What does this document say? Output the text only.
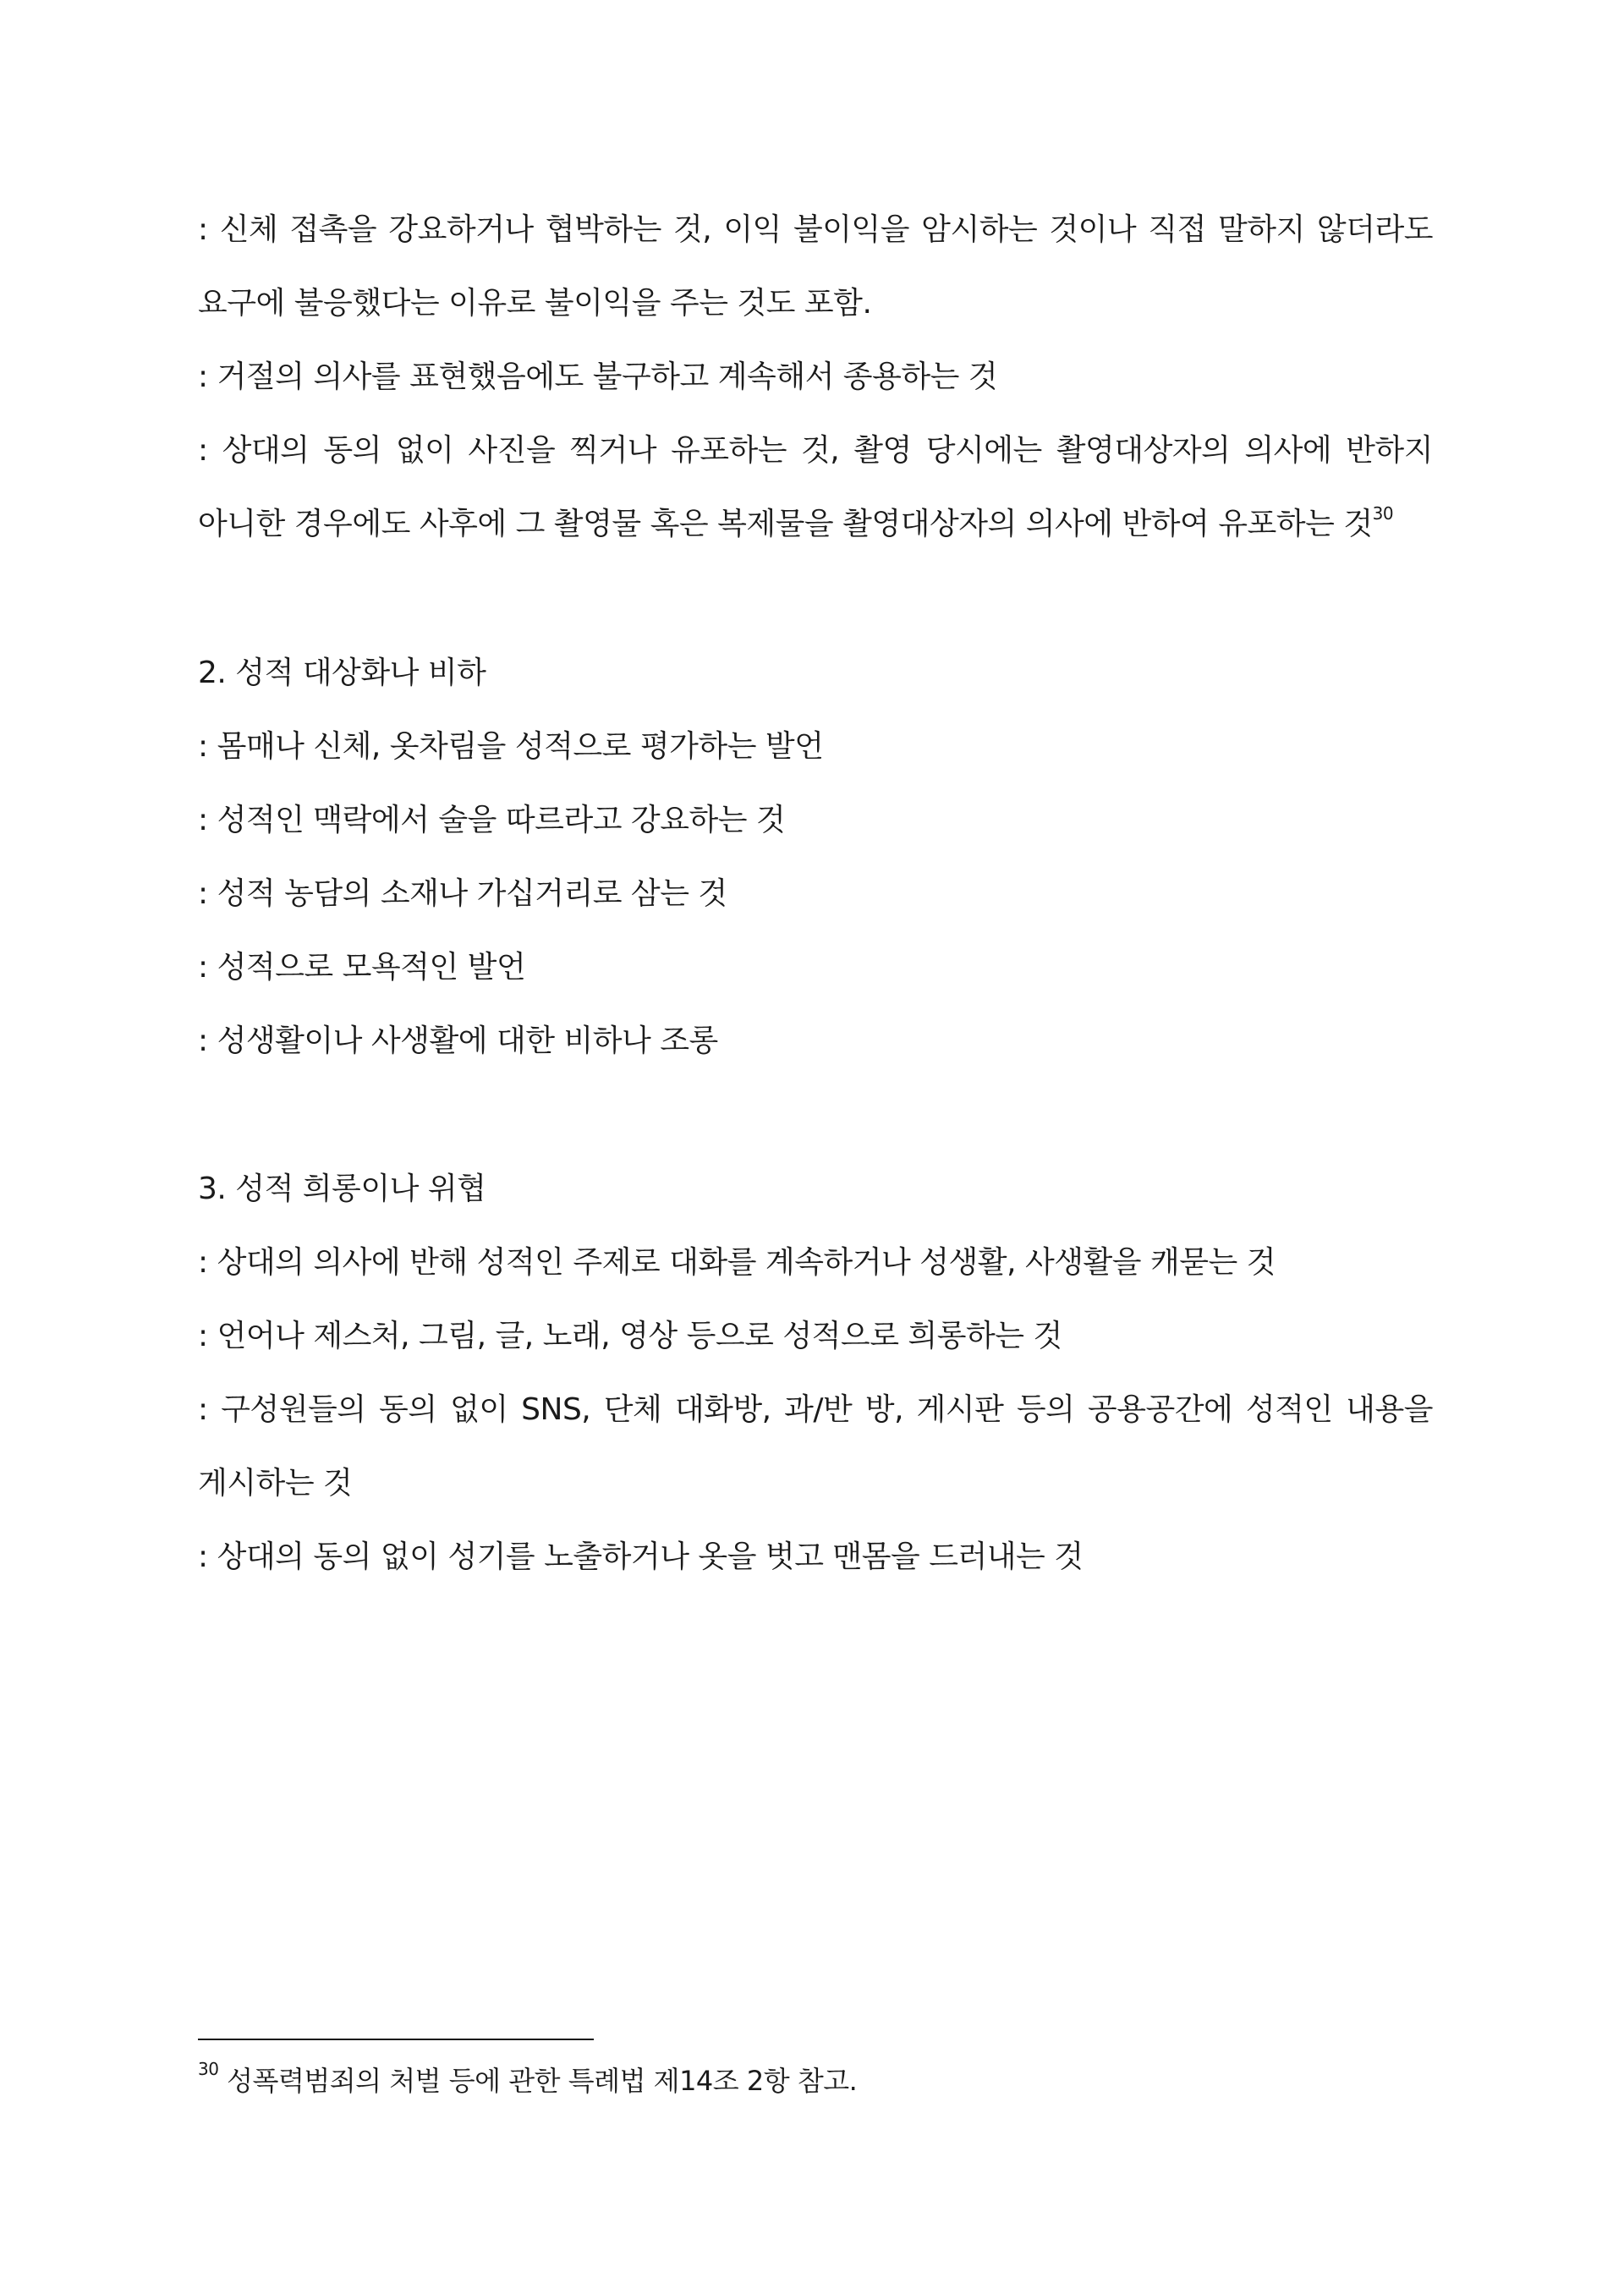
: 신체 접촉을 강요하거나 협박하는 것, 이익 불이익을 암시하는 것이나 직접 말하지 않더라도
요구에 불응했다는 이유로 불이익을 주는 것도 포함.
: 거절의 의사를 표현했음에도 불구하고 계속해서 종용하는 것
: 상대의 동의 없이 사진을 찍거나 유포하는 것, 촬영 당시에는 촬영대상자의 의사에 반하지
아니한 경우에도 사후에 그 촬영물 혹은 복제물을 촬영대상자의 의사에 반하여 유포하는 것$^{30}$
2. 성적 대상화나 비하
: 몸매나 신체, 옷차림을 성적으로 평가하는 발언
: 성적인 맥락에서 술을 따르라고 강요하는 것
: 성적 농담의 소재나 가십거리로 삼는 것
: 성적으로 모욕적인 발언
: 성생활이나 사생활에 대한 비하나 조롱
3. 성적 희롱이나 위협
: 상대의 의사에 반해 성적인 주제로 대화를 계속하거나 성생활, 사생활을 캐묻는 것
: 언어나 제스처, 그림, 글, 노래, 영상 등으로 성적으로 희롱하는 것
: 구성원들의 동의 없이 SNS, 단체 대화방, 과/반 방, 게시판 등의 공용공간에 성적인 내용을
게시하는 것
: 상대의 동의 없이 성기를 노출하거나 옷을 벗고 맨몸을 드러내는 것
$^{30}$ 성폭력범죄의 처벌 등에 관한 특례법 제14조 2항 참고.
